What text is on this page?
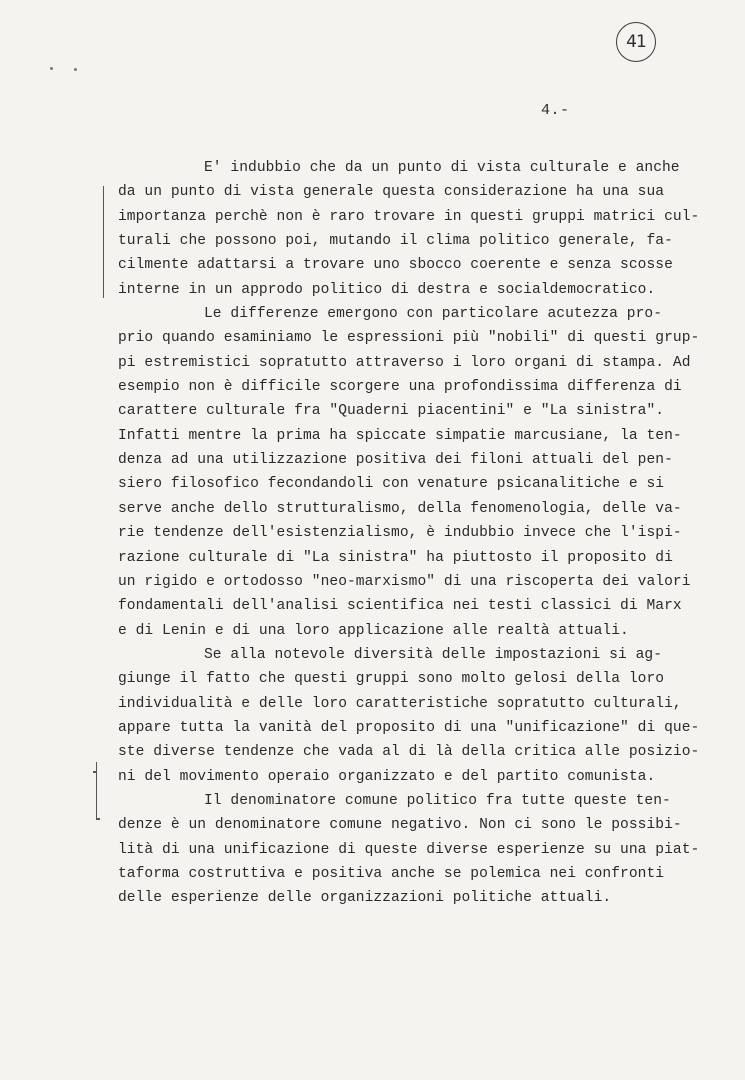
41
4.-
E' indubbio che da un punto di vista culturale e anche
da un punto di vista generale questa considerazione ha una sua
importanza perchè non è raro trovare in questi gruppi matrici cul-
turali che possono poi, mutando il clima politico generale, fa-
cilmente adattarsi a trovare uno sbocco coerente e senza scosse
interne in un approdo politico di destra e socialdemocratico.
Le differenze emergono con particolare acutezza pro-
prio quando esaminiamo le espressioni più "nobili" di questi grup-
pi estremistici sopratutto attraverso i loro organi di stampa. Ad
esempio non è difficile scorgere una profondissima differenza di
carattere culturale fra "Quaderni piacentini" e "La sinistra".
Infatti mentre la prima ha spiccate simpatie marcusiane, la ten-
denza ad una utilizzazione positiva dei filoni attuali del pen-
siero filosofico fecondandoli con venature psicanalitiche e si
serve anche dello strutturalismo, della fenomenologia, delle va-
rie tendenze dell'esistenzialismo, è indubbio invece che l'ispi-
razione culturale di "La sinistra" ha piuttosto il proposito di
un rigido e ortodosso "neo-marxismo" di una riscoperta dei valori
fondamentali dell'analisi scientifica nei testi classici di Marx
e di Lenin e di una loro applicazione alle realtà attuali.
Se alla notevole diversità delle impostazioni si ag-
giunge il fatto che questi gruppi sono molto gelosi della loro
individualità e delle loro caratteristiche sopratutto culturali,
appare tutta la vanità del proposito di una "unificazione" di que-
ste diverse tendenze che vada al di là della critica alle posizio-
ni del movimento operaio organizzato e del partito comunista.
Il denominatore comune politico fra tutte queste ten-
denze è un denominatore comune negativo. Non ci sono le possibi-
lità di una unificazione di queste diverse esperienze su una piat-
taforma costruttiva e positiva anche se polemica nei confronti
delle esperienze delle organizzazioni politiche attuali.
